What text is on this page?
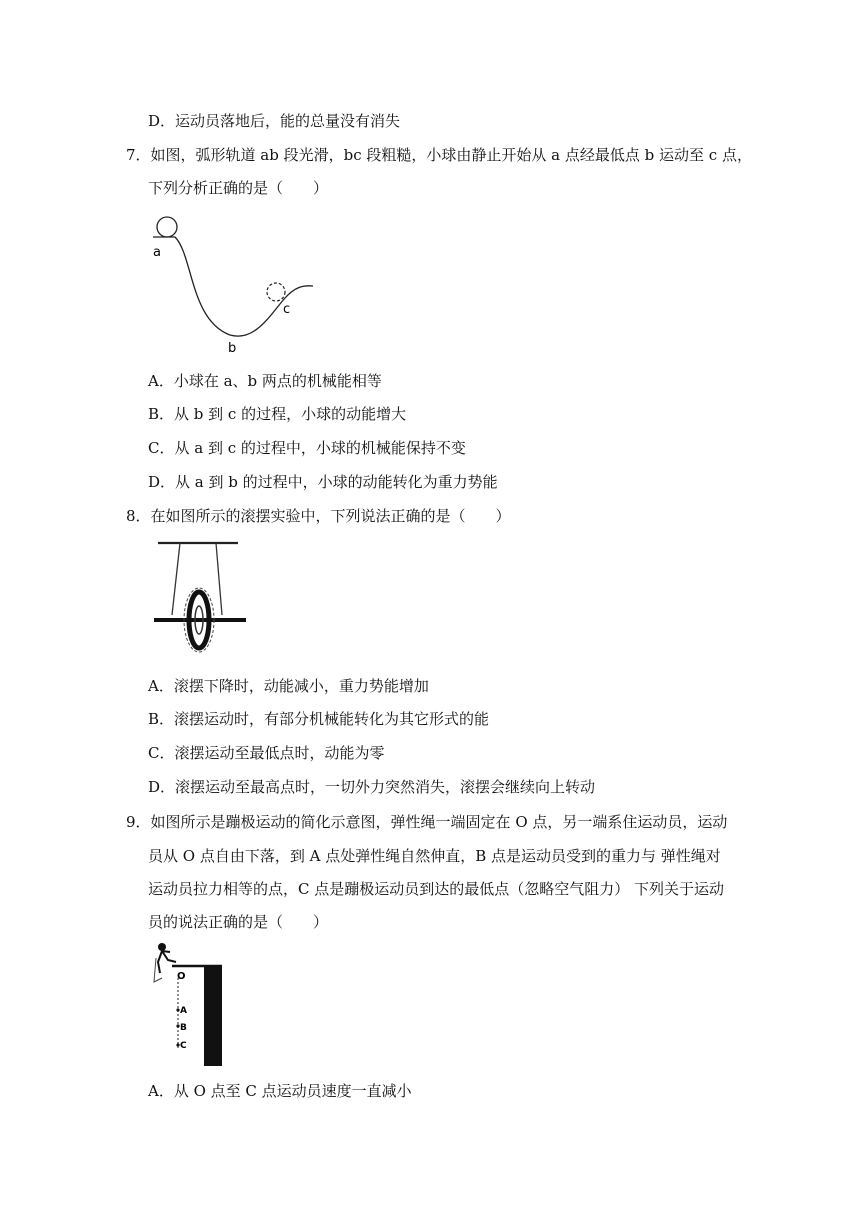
D．运动员落地后，能的总量没有消失
7．如图，弧形轨道 ab 段光滑，bc 段粗糙，小球由静止开始从 a 点经最低点 b 运动至 c 点，
下列分析正确的是（　　）
a
b
c
A．小球在 a、b 两点的机械能相等
B．从 b 到 c 的过程，小球的动能增大
C．从 a 到 c 的过程中，小球的机械能保持不变
D．从 a 到 b 的过程中，小球的动能转化为重力势能
8．在如图所示的滚摆实验中，下列说法正确的是（　　）
A．滚摆下降时，动能减小，重力势能增加
B．滚摆运动时，有部分机械能转化为其它形式的能
C．滚摆运动至最低点时，动能为零
D．滚摆运动至最高点时，一切外力突然消失，滚摆会继续向上转动
9．如图所示是蹦极运动的简化示意图，弹性绳一端固定在 O 点，另一端系住运动员，运动
员从 O 点自由下落，到 A 点处弹性绳自然伸直，B 点是运动员受到的重力与 弹性绳对
运动员拉力相等的点，C 点是蹦极运动员到达的最低点（忽略空气阻力） 下列关于运动
员的说法正确的是（　　）
O
A
B
C
A．从 O 点至 C 点运动员速度一直减小
